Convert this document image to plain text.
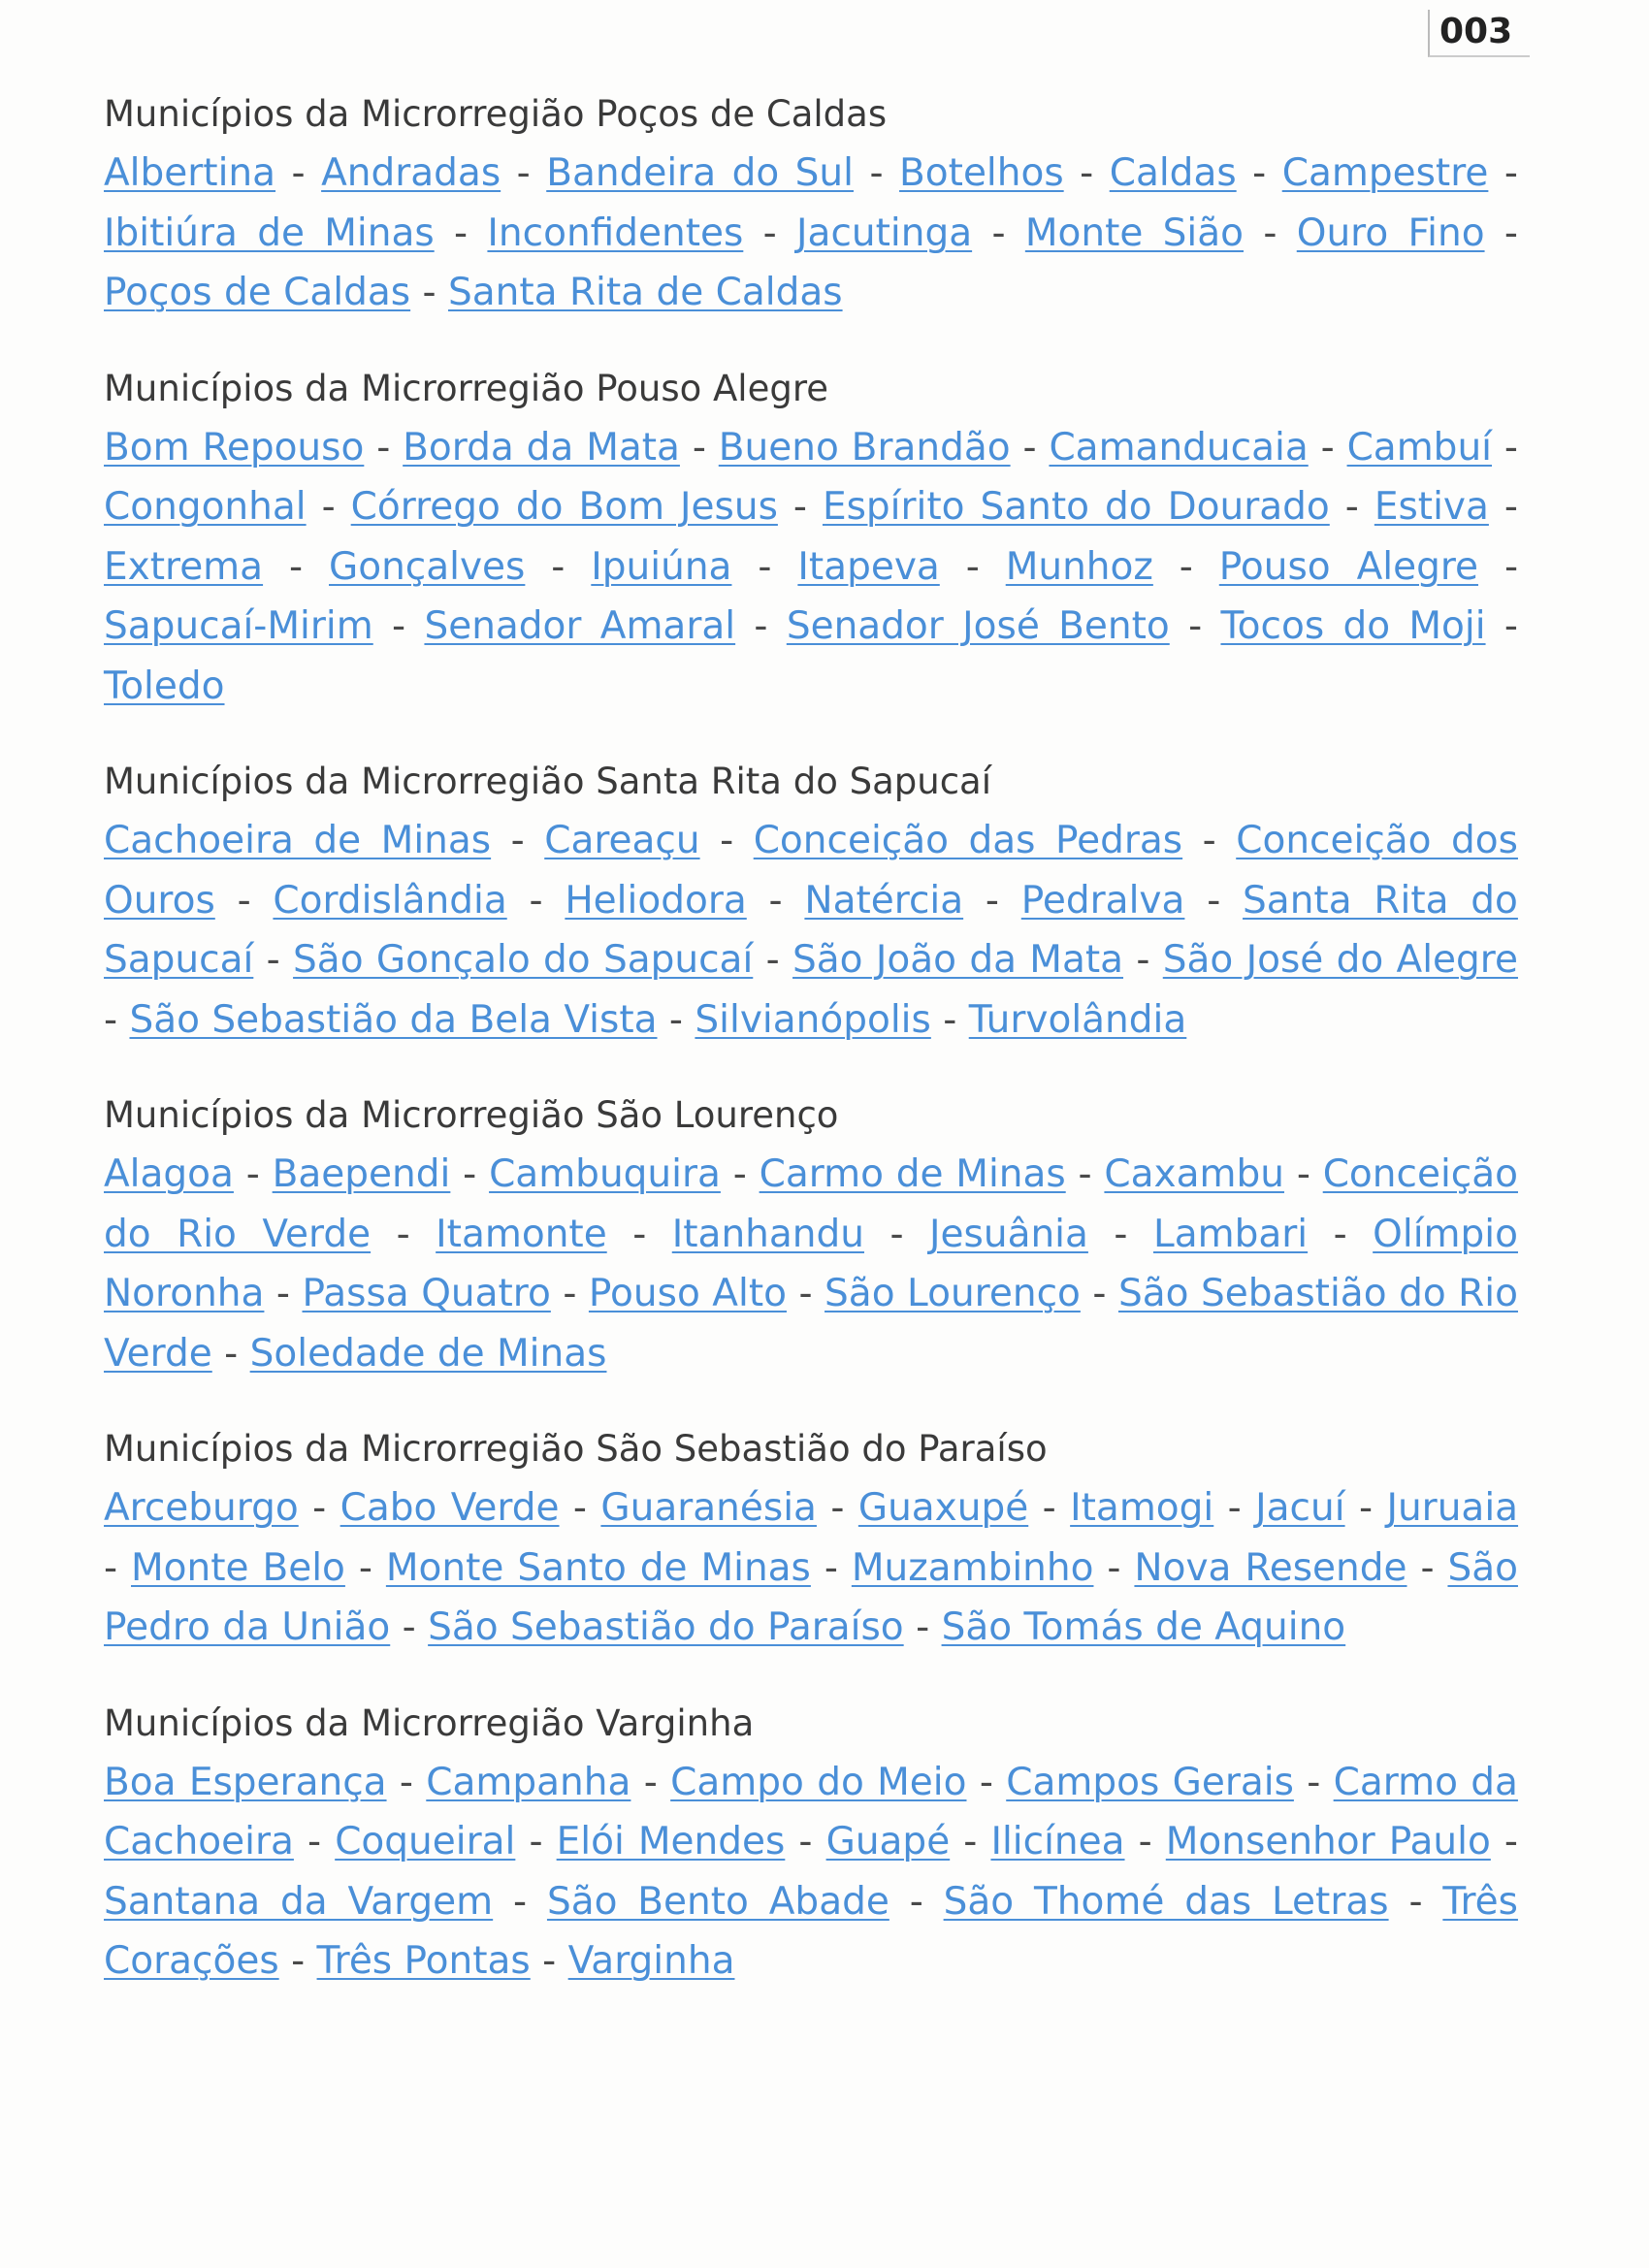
003
Municípios da Microrregião Poços de Caldas
Albertina - Andradas - Bandeira do Sul - Botelhos - Caldas - Campestre - Ibitiúra de Minas - Inconfidentes - Jacutinga - Monte Sião - Ouro Fino - Poços de Caldas - Santa Rita de Caldas
Municípios da Microrregião Pouso Alegre
Bom Repouso - Borda da Mata - Bueno Brandão - Camanducaia - Cambuí - Congonhal - Córrego do Bom Jesus - Espírito Santo do Dourado - Estiva - Extrema - Gonçalves - Ipuiúna - Itapeva - Munhoz - Pouso Alegre - Sapucaí-Mirim - Senador Amaral - Senador José Bento - Tocos do Moji - Toledo
Municípios da Microrregião Santa Rita do Sapucaí
Cachoeira de Minas - Careaçu - Conceição das Pedras - Conceição dos Ouros - Cordislândia - Heliodora - Natércia - Pedralva - Santa Rita do Sapucaí - São Gonçalo do Sapucaí - São João da Mata - São José do Alegre - São Sebastião da Bela Vista - Silvianópolis - Turvolândia
Municípios da Microrregião São Lourenço
Alagoa - Baependi - Cambuquira - Carmo de Minas - Caxambu - Conceição do Rio Verde - Itamonte - Itanhandu - Jesuânia - Lambari - Olímpio Noronha - Passa Quatro - Pouso Alto - São Lourenço - São Sebastião do Rio Verde - Soledade de Minas
Municípios da Microrregião São Sebastião do Paraíso
Arceburgo - Cabo Verde - Guaranésia - Guaxupé - Itamogi - Jacuí - Juruaia - Monte Belo - Monte Santo de Minas - Muzambinho - Nova Resende - São Pedro da União - São Sebastião do Paraíso - São Tomás de Aquino
Municípios da Microrregião Varginha
Boa Esperança - Campanha - Campo do Meio - Campos Gerais - Carmo da Cachoeira - Coqueiral - Elói Mendes - Guapé - Ilicínea - Monsenhor Paulo - Santana da Vargem - São Bento Abade - São Thomé das Letras - Três Corações - Três Pontas - Varginha
